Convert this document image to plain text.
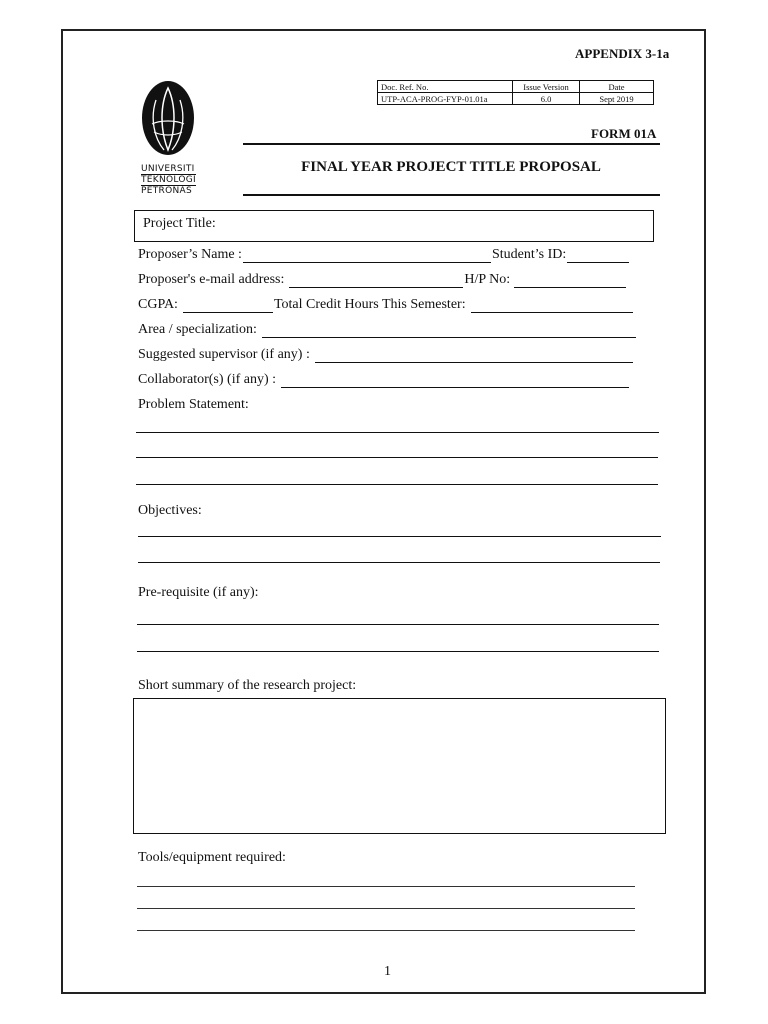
APPENDIX 3-1a
UNIVERSITI
TEKNOLOGI
PETRONAS
Doc. Ref. No.	Issue Version	Date
UTP-ACA-PROG-FYP-01.01a	6.0	Sept 2019
FORM 01A
FINAL YEAR PROJECT TITLE PROPOSAL
Project Title:
Proposer’s Name :	Student’s ID:
Proposer's e-mail address:	H/P No:
CGPA:	Total Credit Hours This Semester:
Area / specialization:
Suggested supervisor (if any) :
Collaborator(s) (if any) :
Problem Statement:
Objectives:
Pre-requisite (if any):
Short summary of the research project:
Tools/equipment required:
1
